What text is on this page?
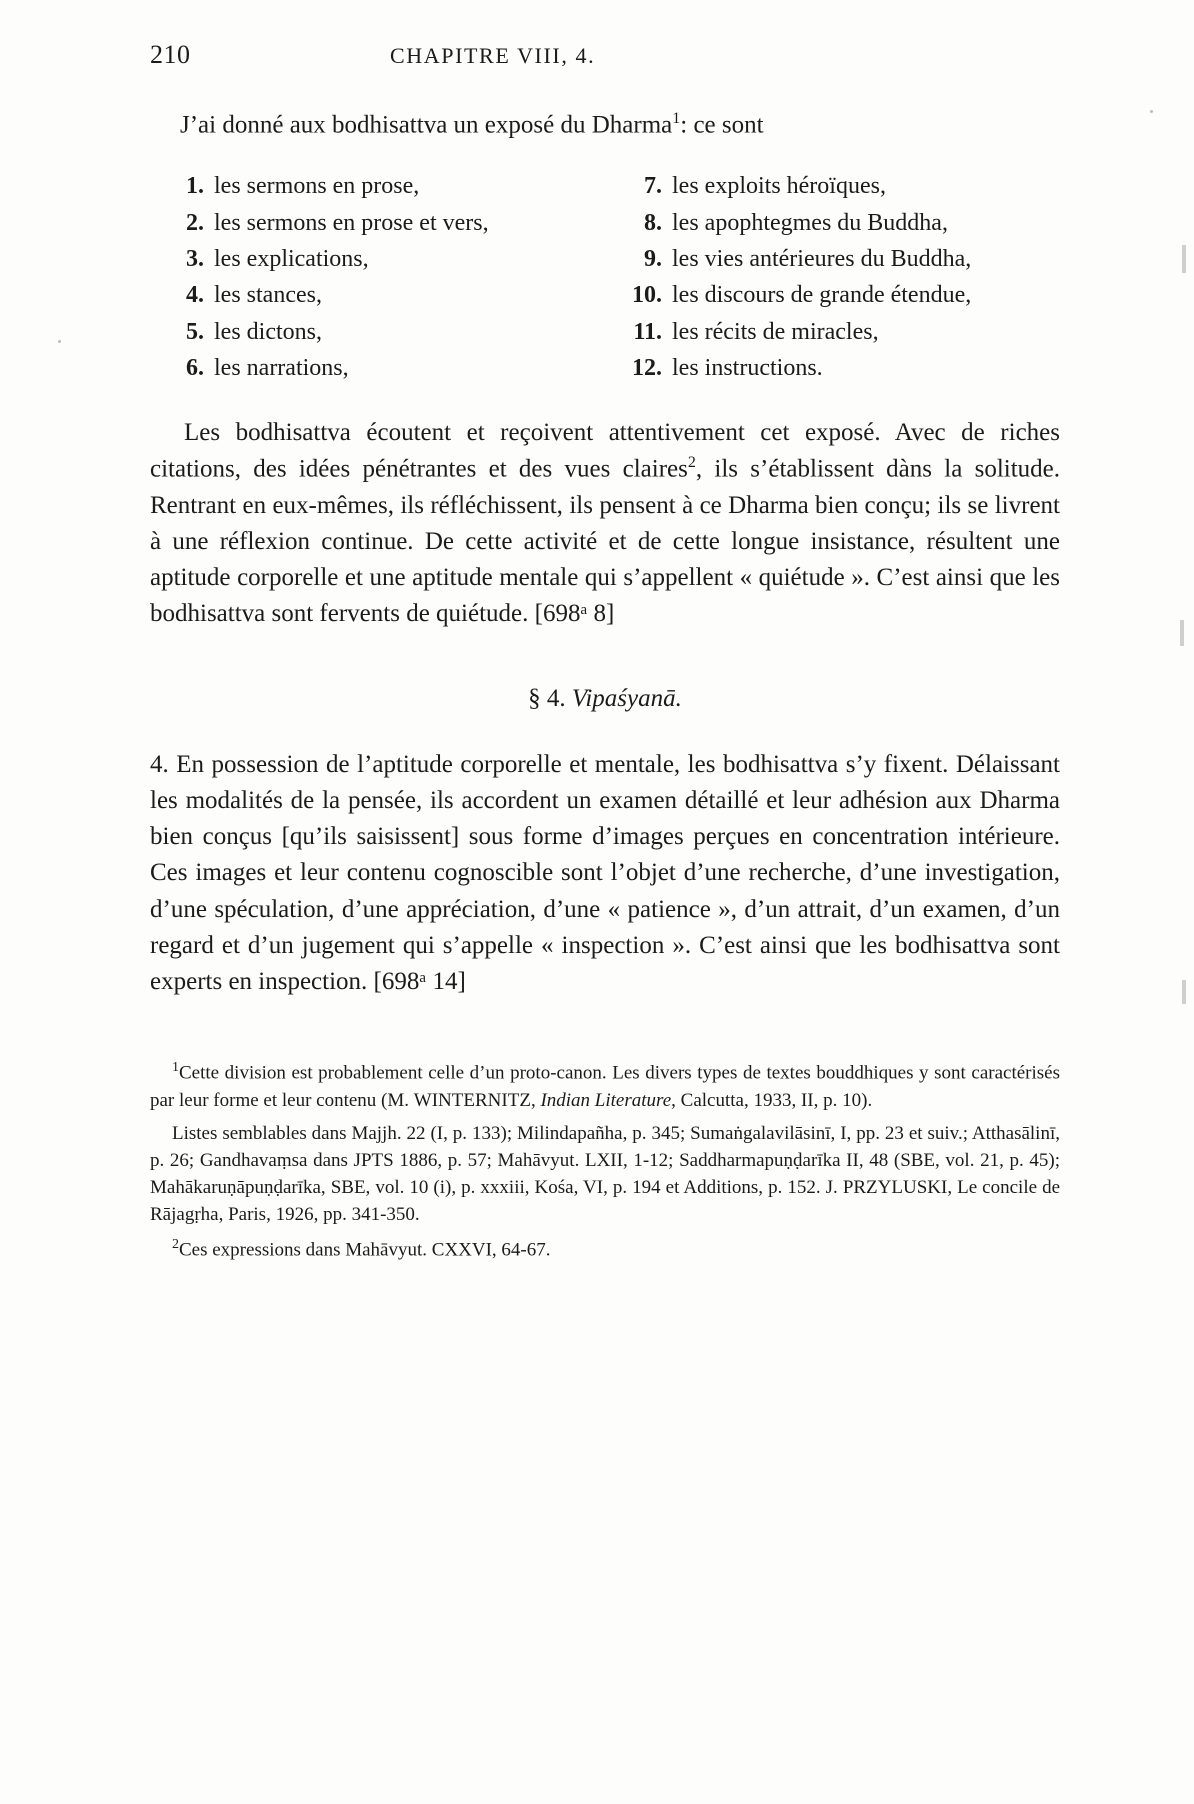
210	CHAPITRE VIII, 4.
J’ai donné aux bodhisattva un exposé du Dharma$^1$: ce sont
1. les sermons en prose,
2. les sermons en prose et vers,
3. les explications,
4. les stances,
5. les dictons,
6. les narrations,
7. les exploits héroïques,
8. les apophtegmes du Buddha,
9. les vies antérieures du Buddha,
10. les discours de grande étendue,
11. les récits de miracles,
12. les instructions.
Les bodhisattva écoutent et reçoivent attentivement cet exposé. Avec de riches citations, des idées pénétrantes et des vues claires$^2$, ils s’établissent dàns la solitude. Rentrant en eux-mêmes, ils réfléchissent, ils pensent à ce Dharma bien conçu; ils se livrent à une réflexion continue. De cette activité et de cette longue insistance, résultent une aptitude corporelle et une aptitude mentale qui s’appellent « quiétude ». C’est ainsi que les bodhisattva sont fervents de quiétude. [698ᵃ 8]
§ 4. Vipaśyanā.
4. En possession de l’aptitude corporelle et mentale, les bodhisattva s’y fixent. Délaissant les modalités de la pensée, ils accordent un examen détaillé et leur adhésion aux Dharma bien conçus [qu’ils saisissent] sous forme d’images perçues en concentration intérieure. Ces images et leur contenu cognoscible sont l’objet d’une recherche, d’une investigation, d’une spéculation, d’une appréciation, d’une « patience », d’un attrait, d’un examen, d’un regard et d’un jugement qui s’appelle « inspection ». C’est ainsi que les bodhisattva sont experts en inspection. [698ᵃ 14]
$^1$Cette division est probablement celle d’un proto-canon. Les divers types de textes bouddhiques y sont caractérisés par leur forme et leur contenu (M. WINTERNITZ, Indian Literature, Calcutta, 1933, II, p. 10).
Listes semblables dans Majjh. 22 (I, p. 133); Milindapañha, p. 345; Sumaṅgalavilāsinī, I, pp. 23 et suiv.; Atthasālinī, p. 26; Gandhavaṃsa dans JPTS 1886, p. 57; Mahāvyut. LXII, 1-12; Saddharmapuṇḍarīka II, 48 (SBE, vol. 21, p. 45); Mahākaruṇāpuṇḍarīka, SBE, vol. 10 (i), p. xxxiii, Kośa, VI, p. 194 et Additions, p. 152. J. PRZYLUSKI, Le concile de Rājagṛha, Paris, 1926, pp. 341-350.
$^2$Ces expressions dans Mahāvyut. CXXVI, 64-67.
